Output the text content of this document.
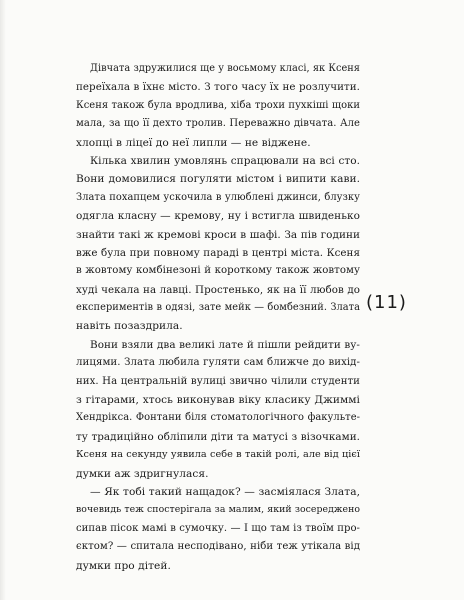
Дівчата здружилися ще у восьмому класі, як Ксеня
переїхала в їхнє місто. З того часу їх не розлучити.
Ксеня також була вродлива, хіба трохи пухкіші щоки
мала, за що її дехто тролив. Переважно дівчата. Але
хлопці в ліцеї до неї липли — не віджене.
Кілька хвилин умовлянь спрацювали на всі сто.
Вони домовилися погуляти містом і випити кави.
Злата похапцем ускочила в улюблені джинси, блузку
одягла класну — кремову, ну і встигла швиденько
знайти такі ж кремові кроси в шафі. За пів години
вже була при повному параді в центрі міста. Ксеня
в жовтому комбінезоні й короткому також жовтому
худі чекала на лавці. Простенько, як на її любов до
експериментів в одязі, зате мейк — бомбезний. Злата
навіть позаздрила.
Вони взяли два великі лате й пішли рейдити ву-
лицями. Злата любила гуляти сам ближче до вихід-
них. На центральній вулиці звично чілили студенти
з гітарами, хтось виконував віку класику Джиммі
Хендрікса. Фонтани біля стоматологічного факульте-
ту традиційно обліпили діти та матусі з візочками.
Ксеня на секунду уявила себе в такій ролі, але від цієї
думки аж здригнулася.
— Як тобі такий нащадок? — засміялася Злата,
вочевидь теж спостерігала за малим, який зосереджено
сипав пісок мамі в сумочку. — І що там із твоїм про-
єктом? — спитала несподівано, ніби теж утікала від
думки про дітей.
(11)
